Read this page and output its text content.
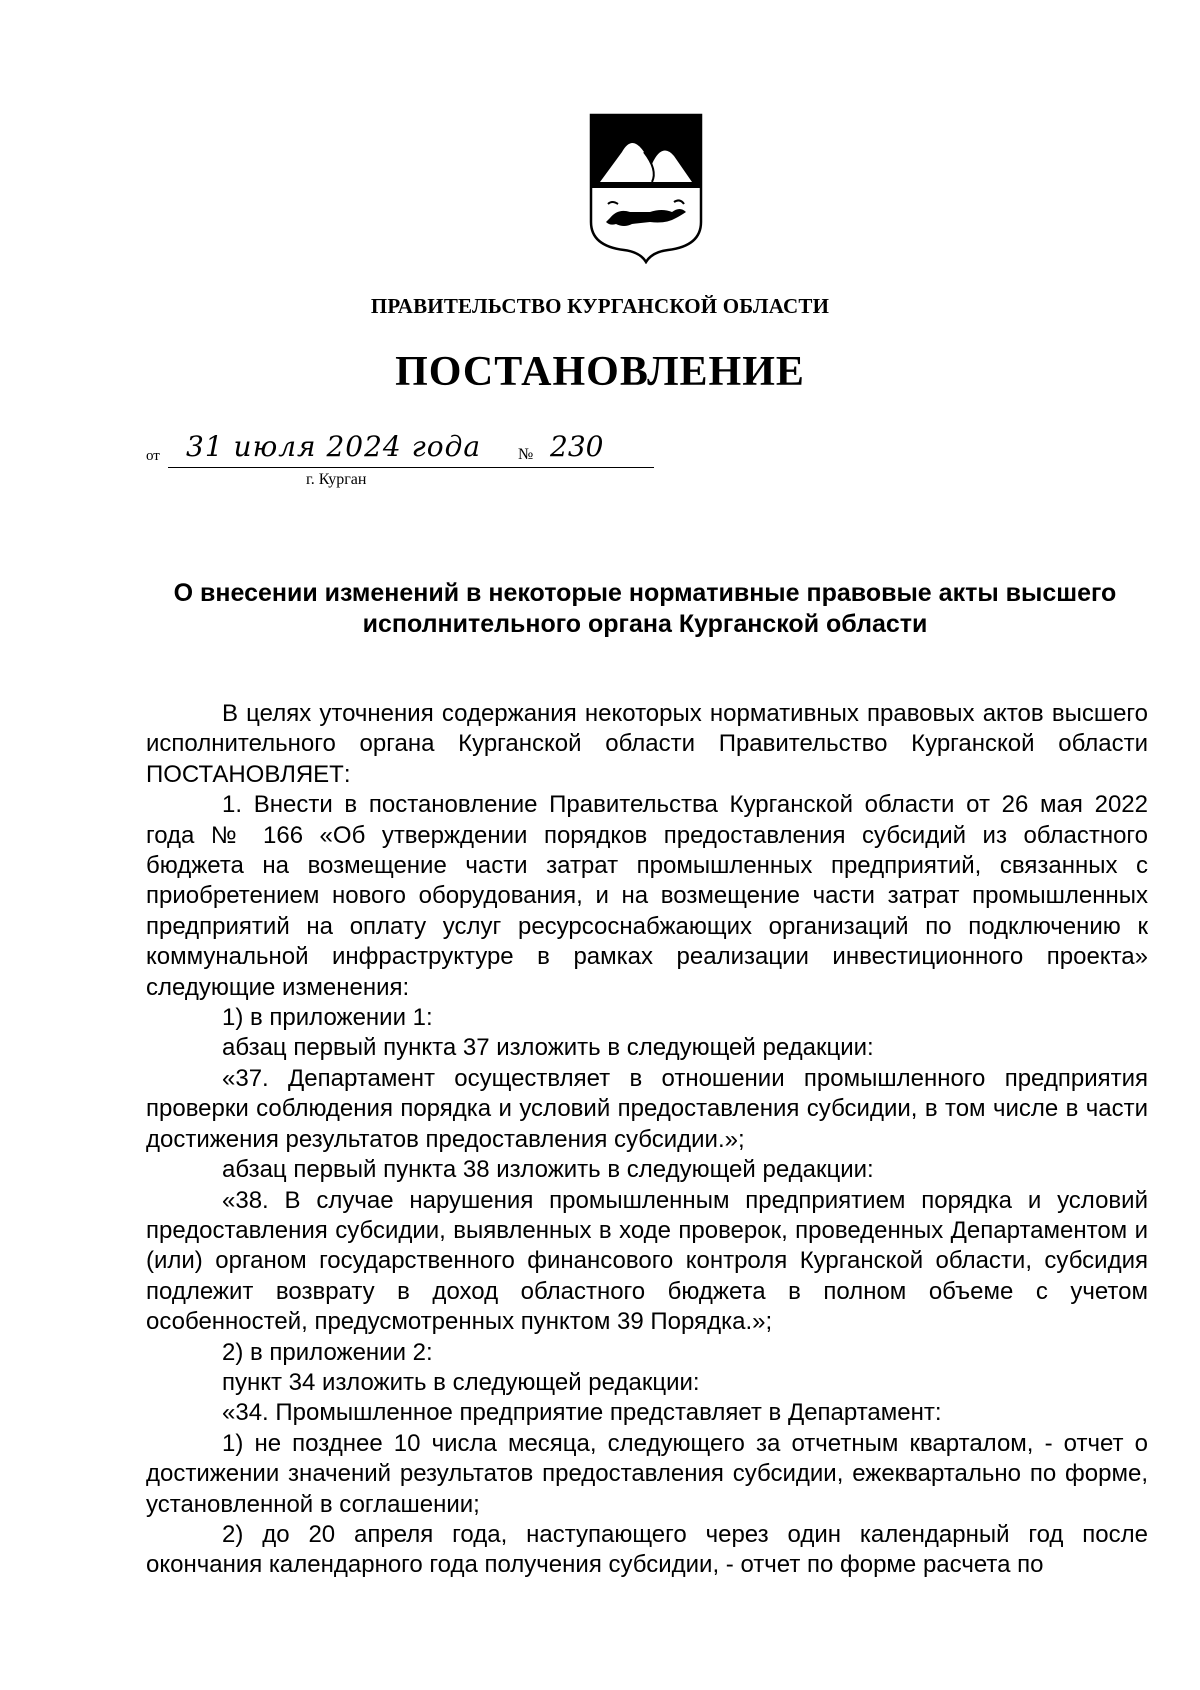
ПРАВИТЕЛЬСТВО КУРГАНСКОЙ ОБЛАСТИ
ПОСТАНОВЛЕНИЕ
от 31 июля 2024 года № 230
г. Курган
О внесении изменений в некоторые нормативные правовые акты высшего исполнительного органа Курганской области

В целях уточнения содержания некоторых нормативных правовых актов высшего исполнительного органа Курганской области Правительство Курганской области ПОСТАНОВЛЯЕТ:

1. Внести в постановление Правительства Курганской области от 26 мая 2022 года № 166 «Об утверждении порядков предоставления субсидий из областного бюджета на возмещение части затрат промышленных предприятий, связанных с приобретением нового оборудования, и на возмещение части затрат промышленных предприятий на оплату услуг ресурсоснабжающих организаций по подключению к коммунальной инфраструктуре в рамках реализации инвестиционного проекта» следующие изменения:

1) в приложении 1:

абзац первый пункта 37 изложить в следующей редакции:

«37. Департамент осуществляет в отношении промышленного предприятия проверки соблюдения порядка и условий предоставления субсидии, в том числе в части достижения результатов предоставления субсидии.»;

абзац первый пункта 38 изложить в следующей редакции:

«38. В случае нарушения промышленным предприятием порядка и условий предоставления субсидии, выявленных в ходе проверок, проведенных Департаментом и (или) органом государственного финансового контроля Курганской области, субсидия подлежит возврату в доход областного бюджета в полном объеме с учетом особенностей, предусмотренных пунктом 39 Порядка.»;

2) в приложении 2:

пункт 34 изложить в следующей редакции:

«34. Промышленное предприятие представляет в Департамент:

1) не позднее 10 числа месяца, следующего за отчетным кварталом, - отчет о достижении значений результатов предоставления субсидии, ежеквартально по форме, установленной в соглашении;

2) до 20 апреля года, наступающего через один календарный год после окончания календарного года получения субсидии, - отчет по форме расчета по
